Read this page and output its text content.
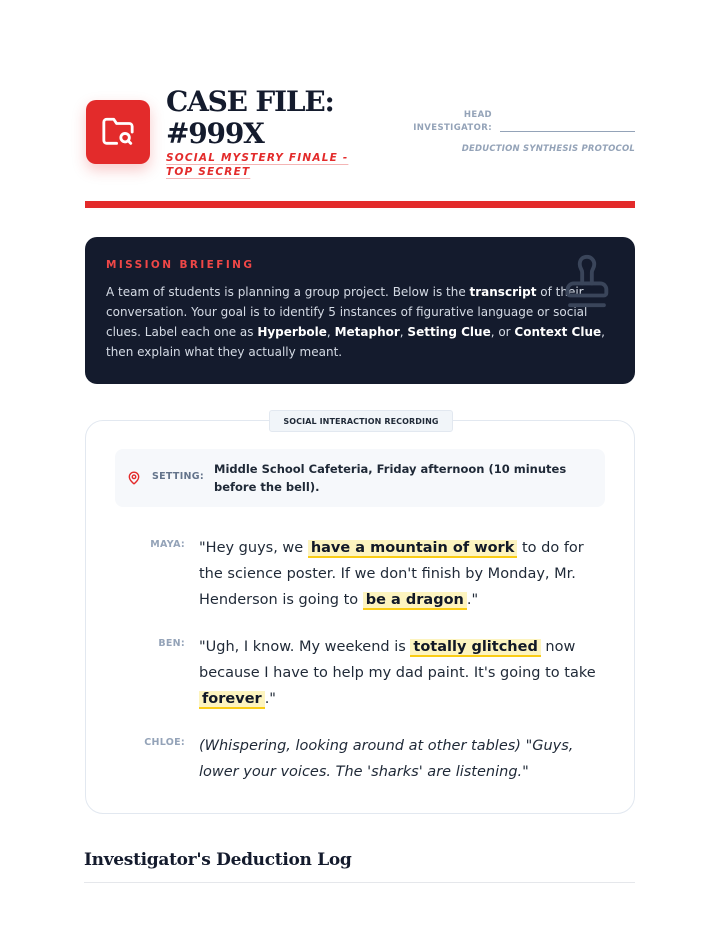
CASE FILE:
#999X
SOCIAL MYSTERY FINALE - TOP SECRET
HEAD
INVESTIGATOR:
DEDUCTION SYNTHESIS PROTOCOL
MISSION BRIEFING
A team of students is planning a group project. Below is the transcript of their conversation. Your goal is to identify 5 instances of figurative language or social clues. Label each one as Hyperbole, Metaphor, Setting Clue, or Context Clue, then explain what they actually meant.
SOCIAL INTERACTION RECORDING
SETTING:
Middle School Cafeteria, Friday afternoon (10 minutes before the bell).
MAYA: "Hey guys, we have a mountain of work to do for the science poster. If we don't finish by Monday, Mr. Henderson is going to be a dragon ."
BEN: "Ugh, I know. My weekend is totally glitched now because I have to help my dad paint. It's going to take forever ."
CHLOE: (Whispering, looking around at other tables) "Guys, lower your voices. The 'sharks' are listening."
Investigator's Deduction Log
